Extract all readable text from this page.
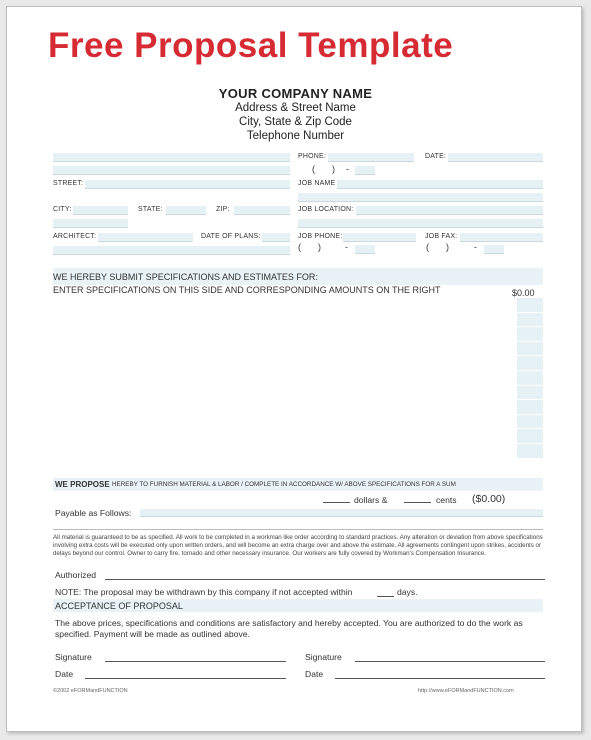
Free Proposal Template
YOUR COMPANY NAME
Address & Street Name
City, State & Zip Code
Telephone Number
PHONE:	DATE:
( ) -
STREET:	JOB NAME
CITY:	STATE:	ZIP:	JOB LOCATION:
ARCHITECT:	DATE OF PLANS:	JOB PHONE:	JOB FAX:
( )	-	( )	-
WE HEREBY SUBMIT SPECIFICATIONS AND ESTIMATES FOR:
ENTER SPECIFICATIONS ON THIS SIDE AND CORRESPONDING AMOUNTS ON THE RIGHT	$0.00
WE PROPOSE HEREBY TO FURNISH MATERIAL & LABOR / COMPLETE IN ACCORDANCE W/ ABOVE SPECIFICATIONS FOR A SUM
dollars &	cents ($0.00)
Payable as Follows:
All material is guaranteed to be as specified. All work to be completed in a workman like order according to standard practices. Any alteration or deviation from above specifications involving extra costs will be executed only upon written orders, and will become an extra charge over and above the estimate. All agreements contingent upon strikes, accidents or delays beyond our control. Owner to carry fire, tornado and other necessary insurance. Our workers are fully covered by Workman's Compensation Insurance.
Authorized
NOTE: The proposal may be withdrawn by this company if not accepted within	days.
ACCEPTANCE OF PROPOSAL
The above prices, specifications and conditions are satisfactory and hereby accepted. You are authorized to do the work as specified. Payment will be made as outlined above.
Signature	Signature
Date	Date
©2002 eFORMandFUNCTION	http://www.eFORMandFUNCTION.com
